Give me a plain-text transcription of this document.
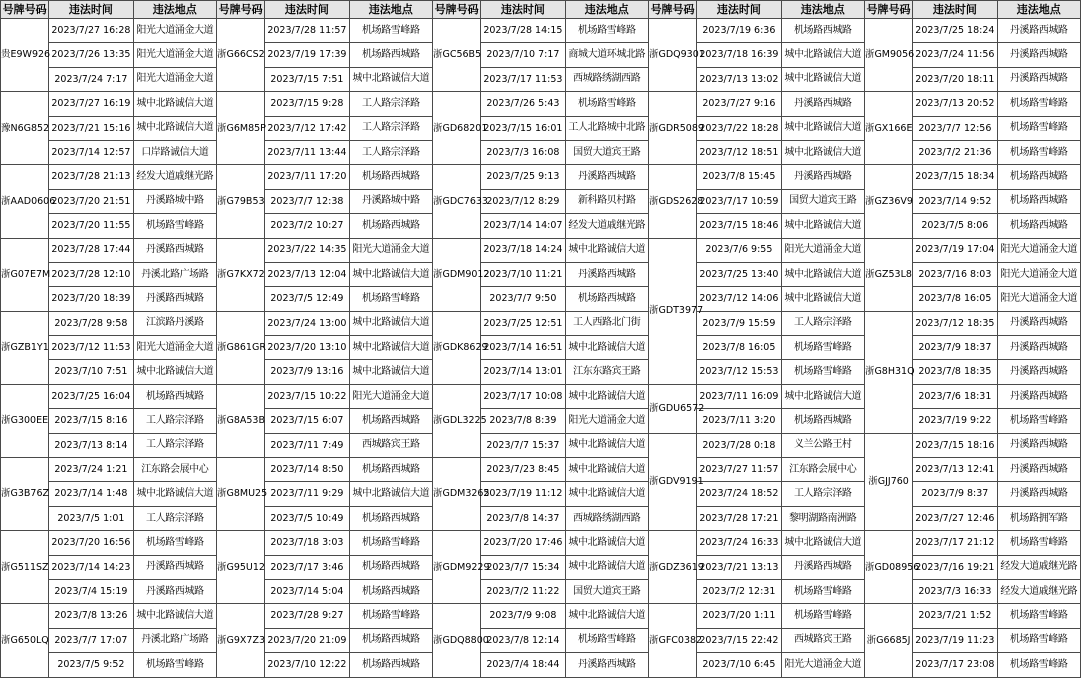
号牌号码	违法时间	违法地点	号牌号码	违法时间	违法地点	号牌号码	违法时间	违法地点	号牌号码	违法时间	违法地点	号牌号码	违法时间	违法地点
贵E9W926	2023/7/27 16:28	阳光大道涌金大道	浙G66CS2	2023/7/28 11:57	机场路雪峰路	浙GC56B5	2023/7/28 14:15	机场路雪峰路	浙GDQ9301	2023/7/19 6:36	机场路西城路	浙GM9056	2023/7/25 18:24	丹溪路西城路
	2023/7/26 13:35	阳光大道涌金大道		2023/7/19 17:39	机场路西城路		2023/7/10 7:17	商城大道环城北路		2023/7/18 16:39	城中北路诚信大道		2023/7/24 11:56	丹溪路西城路
	2023/7/24 7:17	阳光大道涌金大道		2023/7/15 7:51	城中北路诚信大道		2023/7/17 11:53	西城路绣湖西路		2023/7/13 13:02	城中北路诚信大道		2023/7/20 18:11	丹溪路西城路
豫N6G852	2023/7/27 16:19	城中北路诚信大道	浙G6M85P	2023/7/15 9:28	工人路宗泽路	浙GD68201	2023/7/26 5:43	机场路雪峰路	浙GDR5089	2023/7/27 9:16	丹溪路西城路	浙GX166E	2023/7/13 20:52	机场路雪峰路
	2023/7/21 15:16	城中北路诚信大道		2023/7/12 17:42	工人路宗泽路		2023/7/15 16:01	工人北路城中北路		2023/7/22 18:28	城中北路诚信大道		2023/7/7 12:56	机场路雪峰路
	2023/7/14 12:57	口岸路诚信大道		2023/7/11 13:44	工人路宗泽路		2023/7/3 16:08	国贸大道宾王路		2023/7/12 18:51	城中北路诚信大道		2023/7/2 21:36	机场路雪峰路
浙AAD0606	2023/7/28 21:13	经发大道戚继光路	浙G79B53	2023/7/11 17:20	机场路西城路	浙GDC7633	2023/7/25 9:13	丹溪路西城路	浙GDS2628	2023/7/8 15:45	丹溪路西城路	浙GZ36V9	2023/7/15 18:34	机场路西城路
	2023/7/20 21:51	丹溪路城中路		2023/7/7 12:38	丹溪路城中路		2023/7/12 8:29	新科路贝村路		2023/7/17 10:59	国贸大道宾王路		2023/7/14 9:52	机场路西城路
	2023/7/20 11:55	机场路雪峰路		2023/7/2 10:27	机场路西城路		2023/7/14 14:07	经发大道戚继光路		2023/7/15 18:46	城中北路诚信大道		2023/7/5 8:06	机场路西城路
浙G07E7M	2023/7/28 17:44	丹溪路西城路	浙G7KX72	2023/7/22 14:35	阳光大道涌金大道	浙GDM9012	2023/7/18 14:24	城中北路诚信大道	浙GDT3977	2023/7/6 9:55	阳光大道涌金大道	浙GZ53L8	2023/7/19 17:04	阳光大道涌金大道
	2023/7/28 12:10	丹溪北路广场路		2023/7/13 12:04	城中北路诚信大道		2023/7/10 11:21	丹溪路西城路		2023/7/25 13:40	城中北路诚信大道		2023/7/16 8:03	阳光大道涌金大道
	2023/7/20 18:39	丹溪路西城路		2023/7/5 12:49	机场路雪峰路		2023/7/7 9:50	机场路西城路		2023/7/12 14:06	城中北路诚信大道		2023/7/8 16:05	阳光大道涌金大道
浙GZB1Y1	2023/7/28 9:58	江滨路丹溪路	浙G861GR	2023/7/24 13:00	城中北路诚信大道	浙GDK8629	2023/7/25 12:51	工人西路北门街		2023/7/9 15:59	工人路宗泽路	浙G8H31Q	2023/7/12 18:35	丹溪路西城路
	2023/7/12 11:53	阳光大道涌金大道		2023/7/20 13:10	城中北路诚信大道		2023/7/14 16:51	城中北路诚信大道		2023/7/8 16:05	机场路雪峰路		2023/7/9 18:37	丹溪路西城路
	2023/7/10 7:51	城中北路诚信大道		2023/7/9 13:16	城中北路诚信大道		2023/7/14 13:01	江东东路宾王路		2023/7/12 15:53	机场路雪峰路		2023/7/8 18:35	丹溪路西城路
浙G300EE	2023/7/25 16:04	机场路西城路	浙G8A53B	2023/7/15 10:22	阳光大道涌金大道	浙GDL3225	2023/7/17 10:08	城中北路诚信大道	浙GDU6572	2023/7/11 16:09	城中北路诚信大道		2023/7/6 18:31	丹溪路西城路
	2023/7/15 8:16	工人路宗泽路		2023/7/15 6:07	机场路西城路		2023/7/8 8:39	阳光大道涌金大道		2023/7/11 3:20	机场路西城路		2023/7/19 9:22	机场路雪峰路
	2023/7/13 8:14	工人路宗泽路		2023/7/11 7:49	西城路宾王路		2023/7/7 15:37	城中北路诚信大道	浙GDV9191	2023/7/28 0:18	义兰公路王村	浙GJJ760	2023/7/15 18:16	丹溪路西城路
浙G3B76Z	2023/7/24 1:21	江东路会展中心	浙G8MU25	2023/7/14 8:50	机场路西城路	浙GDM3265	2023/7/23 8:45	城中北路诚信大道		2023/7/27 11:57	江东路会展中心		2023/7/13 12:41	丹溪路西城路
	2023/7/14 1:48	城中北路诚信大道		2023/7/11 9:29	城中北路诚信大道		2023/7/19 11:12	城中北路诚信大道		2023/7/24 18:52	工人路宗泽路		2023/7/9 8:37	丹溪路西城路
	2023/7/5 1:01	工人路宗泽路		2023/7/5 10:49	机场路西城路		2023/7/8 14:37	西城路绣湖西路		2023/7/28 17:21	黎明湖路南洲路		2023/7/27 12:46	机场路拥军路
浙G511SZ	2023/7/20 16:56	机场路雪峰路	浙G95U12	2023/7/18 3:03	机场路雪峰路	浙GDM9229	2023/7/20 17:46	城中北路诚信大道	浙GDZ3619	2023/7/24 16:33	城中北路诚信大道	浙GD08956	2023/7/17 21:12	机场路雪峰路
	2023/7/14 14:23	丹溪路西城路		2023/7/17 3:46	机场路西城路		2023/7/7 15:34	城中北路诚信大道		2023/7/21 13:13	丹溪路西城路		2023/7/16 19:21	经发大道戚继光路
	2023/7/4 15:19	丹溪路西城路		2023/7/14 5:04	机场路西城路		2023/7/2 11:22	国贸大道宾王路		2023/7/2 12:31	机场路雪峰路		2023/7/3 16:33	经发大道戚继光路
浙G650LQ	2023/7/8 13:26	城中北路诚信大道	浙G9X7Z3	2023/7/28 9:27	机场路雪峰路	浙GDQ8800	2023/7/9 9:08	城中北路诚信大道	浙GFC0382	2023/7/20 1:11	机场路雪峰路	浙G6685J	2023/7/21 1:52	机场路雪峰路
	2023/7/7 17:07	丹溪北路广场路		2023/7/20 21:09	机场路西城路		2023/7/8 12:14	机场路雪峰路		2023/7/15 22:42	西城路宾王路		2023/7/19 11:23	机场路雪峰路
	2023/7/5 9:52	机场路雪峰路		2023/7/10 12:22	机场路西城路		2023/7/4 18:44	丹溪路西城路		2023/7/10 6:45	阳光大道涌金大道		2023/7/17 23:08	机场路雪峰路
